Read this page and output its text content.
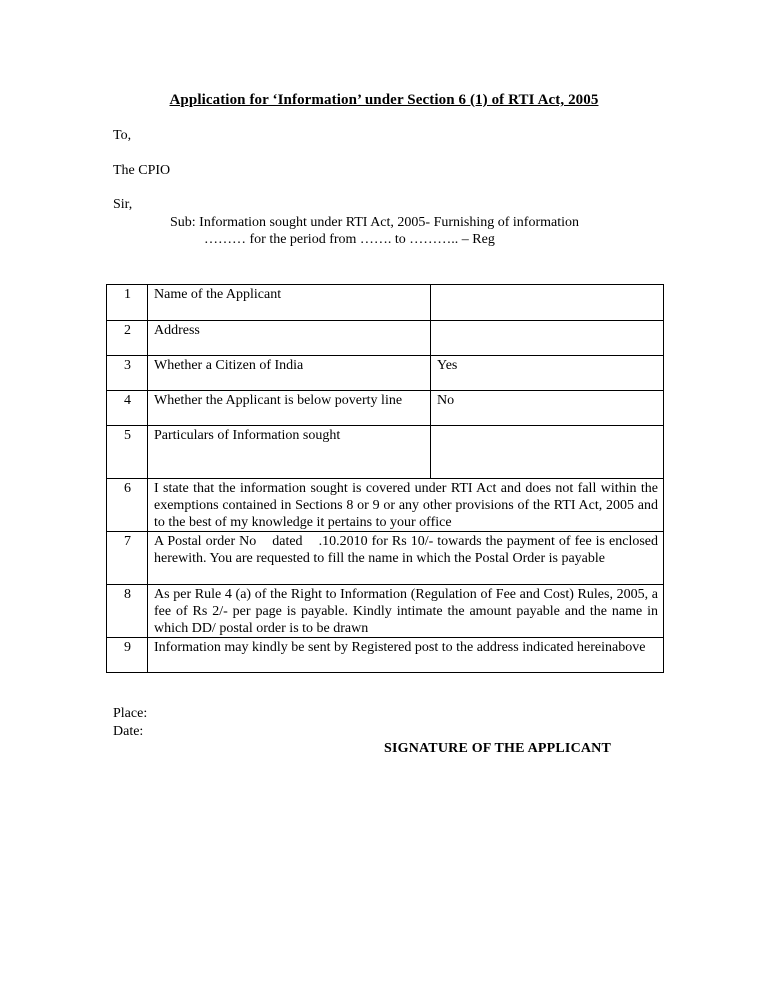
Application for ‘Information’ under Section 6 (1) of RTI Act, 2005
To,
The CPIO
Sir,
Sub: Information sought under RTI Act, 2005- Furnishing of information
……… for the period from ……. to ……….. – Reg
1	Name of the Applicant	
2	Address	
3	Whether a Citizen of India	Yes
4	Whether the Applicant is below poverty line	No
5	Particulars of Information sought	
6	I state that the information sought is covered under RTI Act and does not fall within the exemptions contained in Sections 8 or 9 or any other provisions of the RTI Act, 2005 and to the best of my knowledge it pertains to your office	
7	A Postal order No    dated    .10.2010 for Rs 10/- towards the payment of fee is enclosed herewith. You are requested to fill the name in which the Postal Order is payable	
8	As per Rule 4 (a) of the Right to Information (Regulation of Fee and Cost) Rules, 2005, a fee of Rs 2/- per page is payable. Kindly intimate the amount payable and the name in which DD/ postal order is to be drawn	
9	Information may kindly be sent by Registered post to the address indicated hereinabove	
Place:
Date:
SIGNATURE OF THE APPLICANT
